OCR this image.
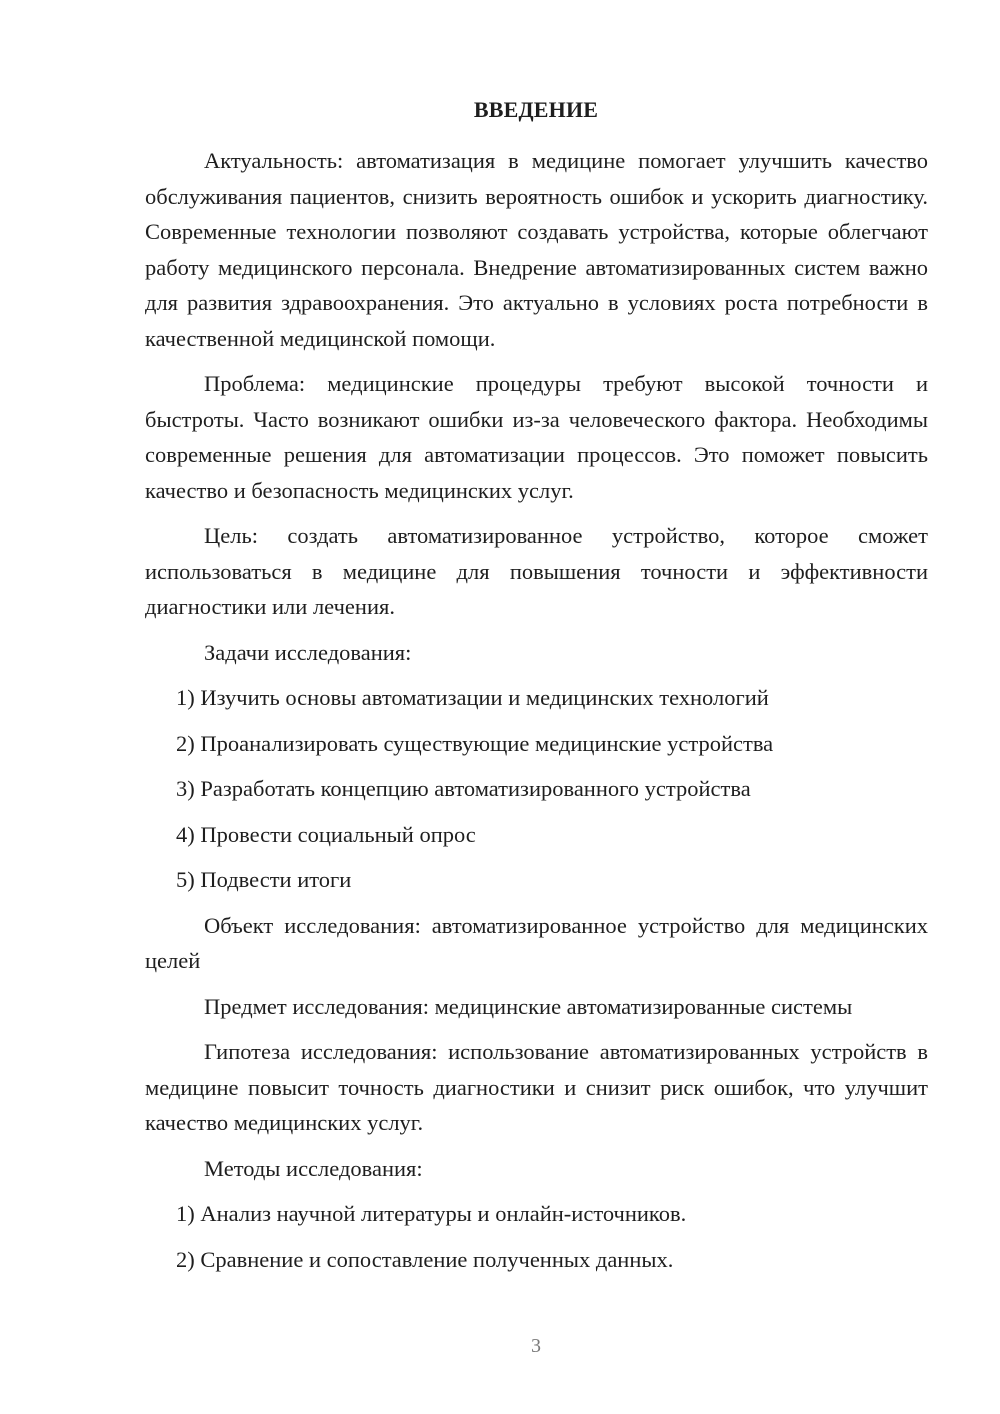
ВВЕДЕНИЕ

Актуальность: автоматизация в медицине помогает улучшить качество обслуживания пациентов, снизить вероятность ошибок и ускорить диагностику. Современные технологии позволяют создавать устройства, которые облегчают работу медицинского персонала. Внедрение автоматизированных систем важно для развития здравоохранения. Это актуально в условиях роста потребности в качественной медицинской помощи.

Проблема: медицинские процедуры требуют высокой точности и быстроты. Часто возникают ошибки из-за человеческого фактора. Необходимы современные решения для автоматизации процессов. Это поможет повысить качество и безопасность медицинских услуг.

Цель: создать автоматизированное устройство, которое сможет использоваться в медицине для повышения точности и эффективности диагностики или лечения.

Задачи исследования:

1) Изучить основы автоматизации и медицинских технологий

2) Проанализировать существующие медицинские устройства

3) Разработать концепцию автоматизированного устройства

4) Провести социальный опрос

5) Подвести итоги

Объект исследования: автоматизированное устройство для медицинских целей

Предмет исследования: медицинские автоматизированные системы

Гипотеза исследования: использование автоматизированных устройств в медицине повысит точность диагностики и снизит риск ошибок, что улучшит качество медицинских услуг.

Методы исследования:

1) Анализ научной литературы и онлайн-источников.

2) Сравнение и сопоставление полученных данных.

3
